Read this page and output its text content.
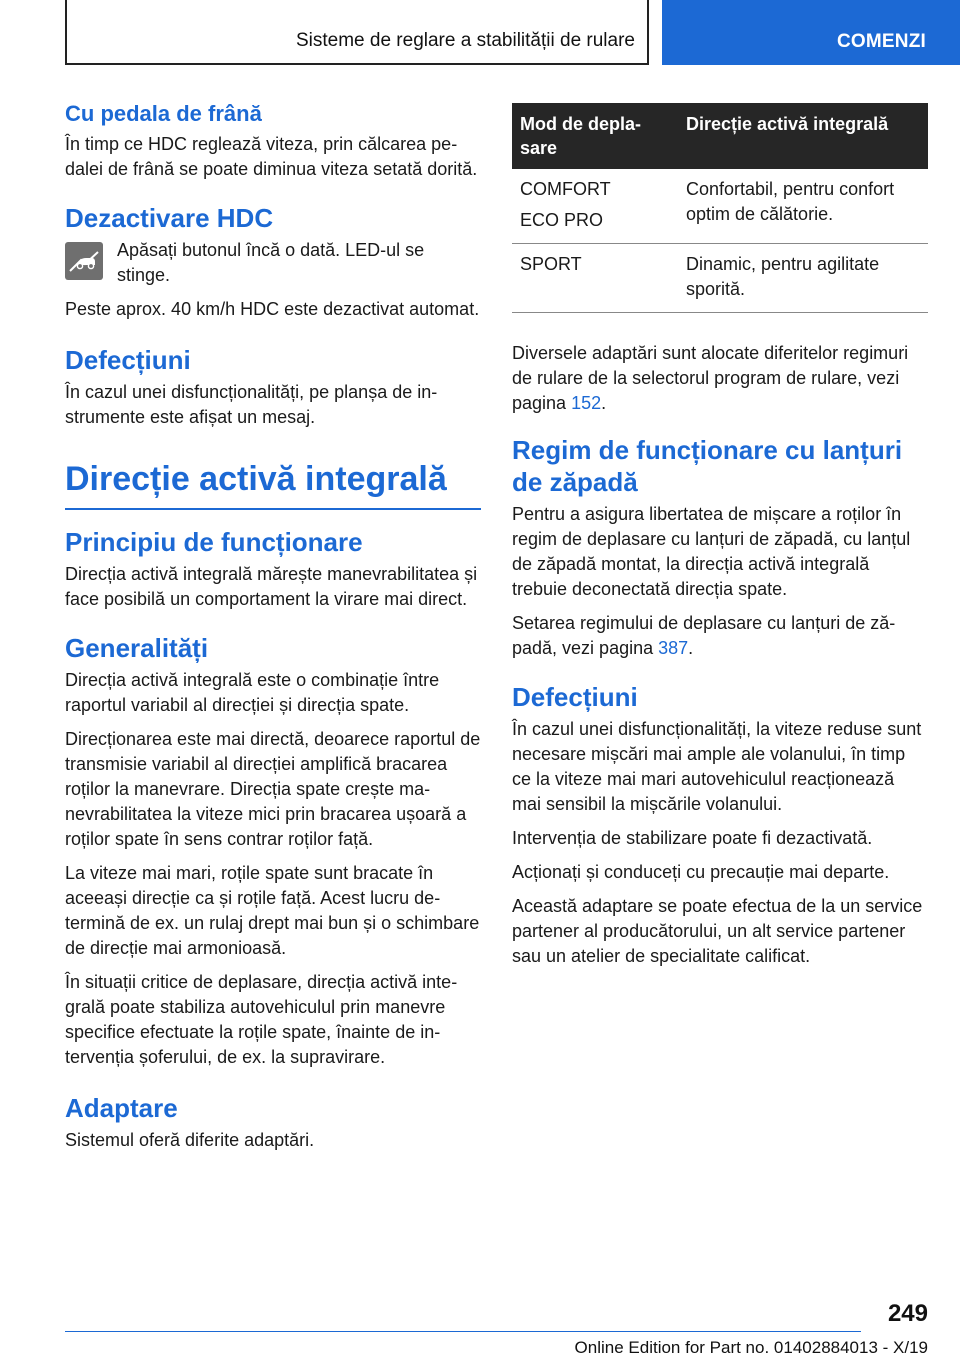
Sisteme de reglare a stabilității de rulare	COMENZI
Cu pedala de frână

În timp ce HDC reglează viteza, prin călcarea pedalei de frână se poate diminua viteza setată dorită.

Dezactivare HDC

Apăsați butonul încă o dată. LED-ul se stinge.

Peste aprox. 40 km/h HDC este dezactivat automat.

Defecțiuni

În cazul unei disfuncționalități, pe planșa de instrumente este afișat un mesaj.

Direcție activă integrală
Principiu de funcționare

Direcția activă integrală mărește manevrabilitatea și face posibilă un comportament la virare mai direct.

Generalități

Direcția activă integrală este o combinație între raportul variabil al direcției și direcția spate.

Direcționarea este mai directă, deoarece raportul de transmisie variabil al direcției amplifică bracarea roților la manevrare. Direcția spate crește manevrabilitatea la viteze mici prin bracarea ușoară a roților spate în sens contrar roților față.

La viteze mai mari, roțile spate sunt bracate în aceeași direcție ca și roțile față. Acest lucru determină de ex. un rulaj drept mai bun și o schimbare de direcție mai armonioasă.

În situații critice de deplasare, direcția activă integrală poate stabiliza autovehiculul prin manevre specifice efectuate la roțile spate, înainte de intervenția șoferului, de ex. la supravirare.

Adaptare

Sistemul oferă diferite adaptări.

Mod de deplasare	Direcție activă integrală

COMFORT
ECO PRO	Confortabil, pentru confort optim de călătorie.

SPORT	Dinamic, pentru agilitate sporită.

Diversele adaptări sunt alocate diferitelor regimuri de rulare de la selectorul program de rulare, vezi pagina 152.

Regim de funcționare cu lanțuri de zăpadă

Pentru a asigura libertatea de mișcare a roților în regim de deplasare cu lanțuri de zăpadă, cu lanțul de zăpadă montat, la direcția activă integrală trebuie deconectată direcția spate.

Setarea regimului de deplasare cu lanțuri de zăpadă, vezi pagina 387.

Defecțiuni

În cazul unei disfuncționalități, la viteze reduse sunt necesare mișcări mai ample ale volanului, în timp ce la viteze mai mari autovehiculul reacționează mai sensibil la mișcările volanului.

Intervenția de stabilizare poate fi dezactivată.

Acționați și conduceți cu precauție mai departe.

Această adaptare se poate efectua de la un service partener al producătorului, un alt service partener sau un atelier de specialitate calificat.

249
Online Edition for Part no. 01402884013 - X/19
